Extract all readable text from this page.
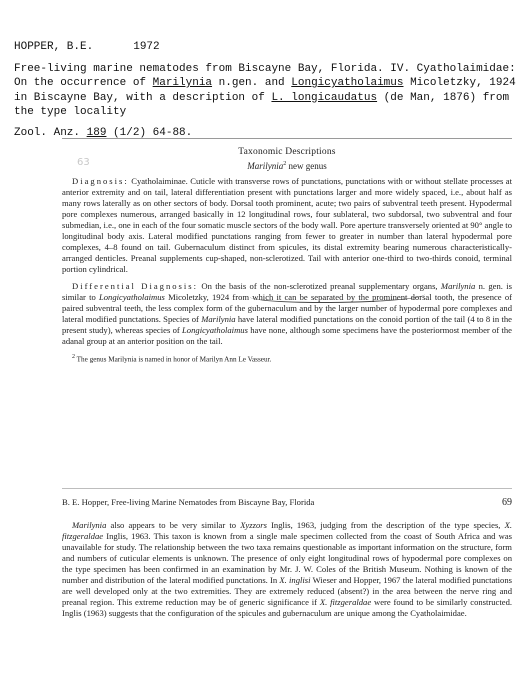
HOPPER, B.E.	1972
Free-living marine nematodes from Biscayne Bay, Florida. IV. Cyatholaimidae: On the occurrence of Marilynia n.gen. and Longicyatholaimus Micoletzky, 1924 in Biscayne Bay, with a description of L. longicaudatus (de Man, 1876) from the type locality
Zool. Anz. 189 (1/2) 64-88.
63
Taxonomic Descriptions
Marilynia$^2$ new genus

Diagnosis: Cyatholaiminae. Cuticle with transverse rows of punctations, punctations with or without stellate processes at anterior extremity and on tail, lateral differentiation present with punctations larger and more widely spaced, i.e., about half as many rows laterally as on other sectors of body. Dorsal tooth prominent, acute; two pairs of subventral teeth present. Hypodermal pore complexes numerous, arranged basically in 12 longitudinal rows, four sublateral, two subdorsal, two subventral and four submedian, i.e., one in each of the four somatic muscle sectors of the body wall. Pore aperture transversely oriented at 90° angle to longitudinal body axis. Lateral modified punctations ranging from fewer to greater in number than lateral hypodermal pore complexes, 4–8 found on tail. Gubernaculum distinct from spicules, its distal extremity bearing numerous characteristically-arranged denticles. Preanal supplements cup-shaped, non-sclerotized. Tail with anterior one-third to two-thirds conoid, terminal portion cylindrical.

Differential Diagnosis: On the basis of the non-sclerotized preanal supplementary organs, Marilynia n. gen. is similar to Longicyatholaimus Micoletzky, 1924 from which it can be separated by the prominent dorsal tooth, the presence of paired subventral teeth, the less complex form of the gubernaculum and by the larger number of hypodermal pore complexes and lateral modified punctations. Species of Marilynia have lateral modified punctations on the conoid portion of the tail (4 to 8 in the present study), whereas species of Longicyatholaimus have none, although some specimens have the posteriormost member of the adanal group at an anterior position on the tail.

$^2$ The genus Marilynia is named in honor of Marilyn Ann Le Vasseur.
B. E. Hopper, Free-living Marine Nematodes from Biscayne Bay, Florida	69

Marilynia also appears to be very similar to Xyzzors Inglis, 1963, judging from the description of the type species, X. fitzgeraldae Inglis, 1963. This taxon is known from a single male specimen collected from the coast of South Africa and was unavailable for study. The relationship between the two taxa remains questionable as important information on the structure, form and numbers of cuticular elements is unknown. The presence of only eight longitudinal rows of hypodermal pore complexes on the type specimen has been confirmed in an examination by Mr. J. W. Coles of the British Museum. Nothing is known of the number and distribution of the lateral modified punctations. In X. inglisi Wieser and Hopper, 1967 the lateral modified punctations are well developed only at the two extremities. They are extremely reduced (absent?) in the area between the nerve ring and preanal region. This extreme reduction may be of generic significance if X. fitzgeraldae were found to be similarly constructed. Inglis (1963) suggests that the configuration of the spicules and gubernaculum are unique among the Cyatholaimidae.
